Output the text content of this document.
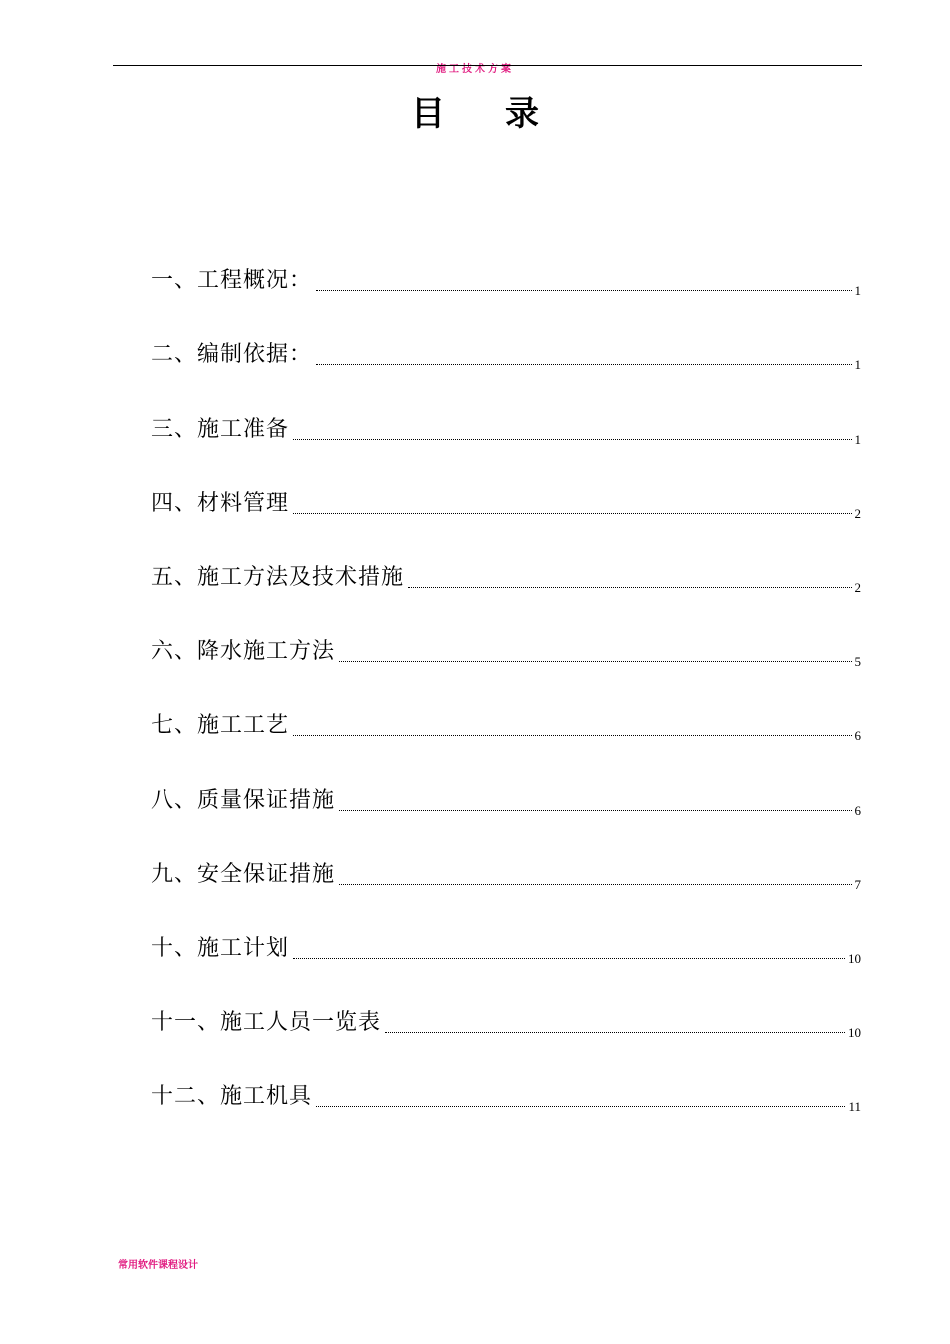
施工技术方案
目录
一、工程概况：	1
二、编制依据：	1
三、施工准备	1
四、材料管理	2
五、施工方法及技术措施	2
六、降水施工方法	5
七、施工工艺	6
八、质量保证措施	6
九、安全保证措施	7
十、施工计划	10
十一、施工人员一览表	10
十二、施工机具	11
常用软件课程设计
